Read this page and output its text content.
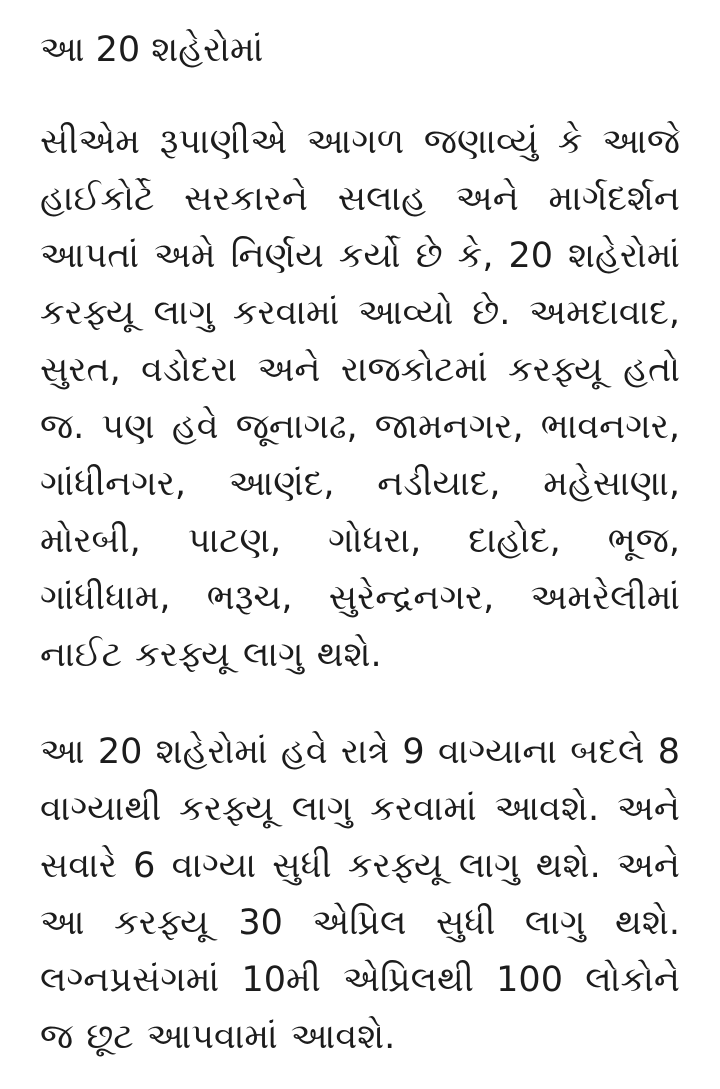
આ 20 શહેરોમાં

સીએમ રૂપાણીએ આગળ જણાવ્યું કે આજે હાઈકોર્ટે સરકારને સલાહ અને માર્ગદર્શન આપતાં અમે નિર્ણય કર્યો છે કે, 20 શહેરોમાં કરફ્યૂ લાગુ કરવામાં આવ્યો છે. અમદાવાદ, સુરત, વડોદરા અને રાજકોટમાં કરફ્યૂ હતો જ. પણ હવે જૂનાગઢ, જામનગર, ભાવનગર, ગાંધીનગર, આણંદ, નડીયાદ, મહેસાણા, મોરબી, પાટણ, ગોધરા, દાહોદ, ભૂજ, ગાંધીધામ, ભરૂચ, સુરેન્દ્રનગર, અમરેલીમાં નાઈટ કરફ્યૂ લાગુ થશે.

આ 20 શહેરોમાં હવે રાત્રે 9 વાગ્યાના બદલે 8 વાગ્યાથી કરફ્યૂ લાગુ કરવામાં આવશે. અને સવારે 6 વાગ્યા સુધી કરફ્યૂ લાગુ થશે. અને આ કરફ્યૂ 30 એપ્રિલ સુધી લાગુ થશે. લગ્નપ્રસંગમાં 10મી એપ્રિલથી 100 લોકોને જ છૂટ આપવામાં આવશે.
